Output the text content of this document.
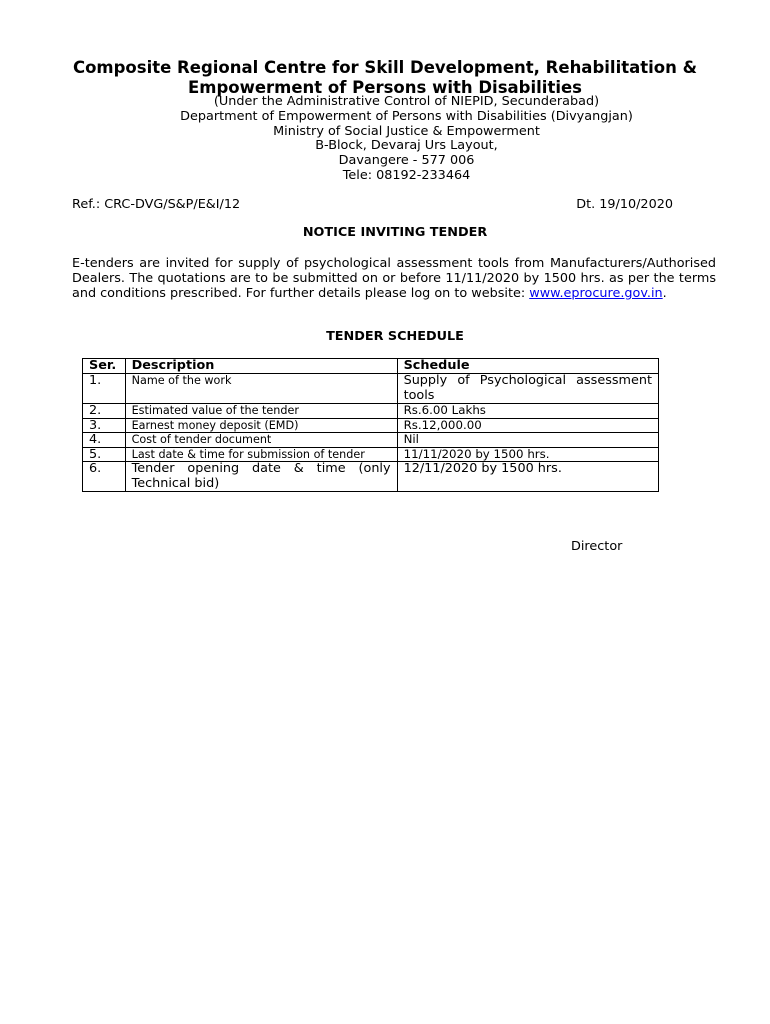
Composite Regional Centre for Skill Development, Rehabilitation &
Empowerment of Persons with Disabilities
(Under the Administrative Control of NIEPID, Secunderabad)
Department of Empowerment of Persons with Disabilities (Divyangjan)
Ministry of Social Justice & Empowerment
B-Block, Devaraj Urs Layout,
Davangere - 577 006
Tele: 08192-233464
Ref.: CRC-DVG/S&P/E&I/12	Dt. 19/10/2020
NOTICE INVITING TENDER
E-tenders are invited for supply of psychological assessment tools from Manufacturers/Authorised Dealers. The quotations are to be submitted on or before 11/11/2020 by 1500 hrs. as per the terms and conditions prescribed. For further details please log on to website: www.eprocure.gov.in.
TENDER SCHEDULE
Ser.	Description	Schedule
1.	Name of the work	Supply of Psychological assessment tools
2.	Estimated value of the tender	Rs.6.00 Lakhs
3.	Earnest money deposit (EMD)	Rs.12,000.00
4.	Cost of tender document	Nil
5.	Last date & time for submission of tender	11/11/2020 by 1500 hrs.
6.	Tender opening date & time (only Technical bid)	12/11/2020 by 1500 hrs.
Director
